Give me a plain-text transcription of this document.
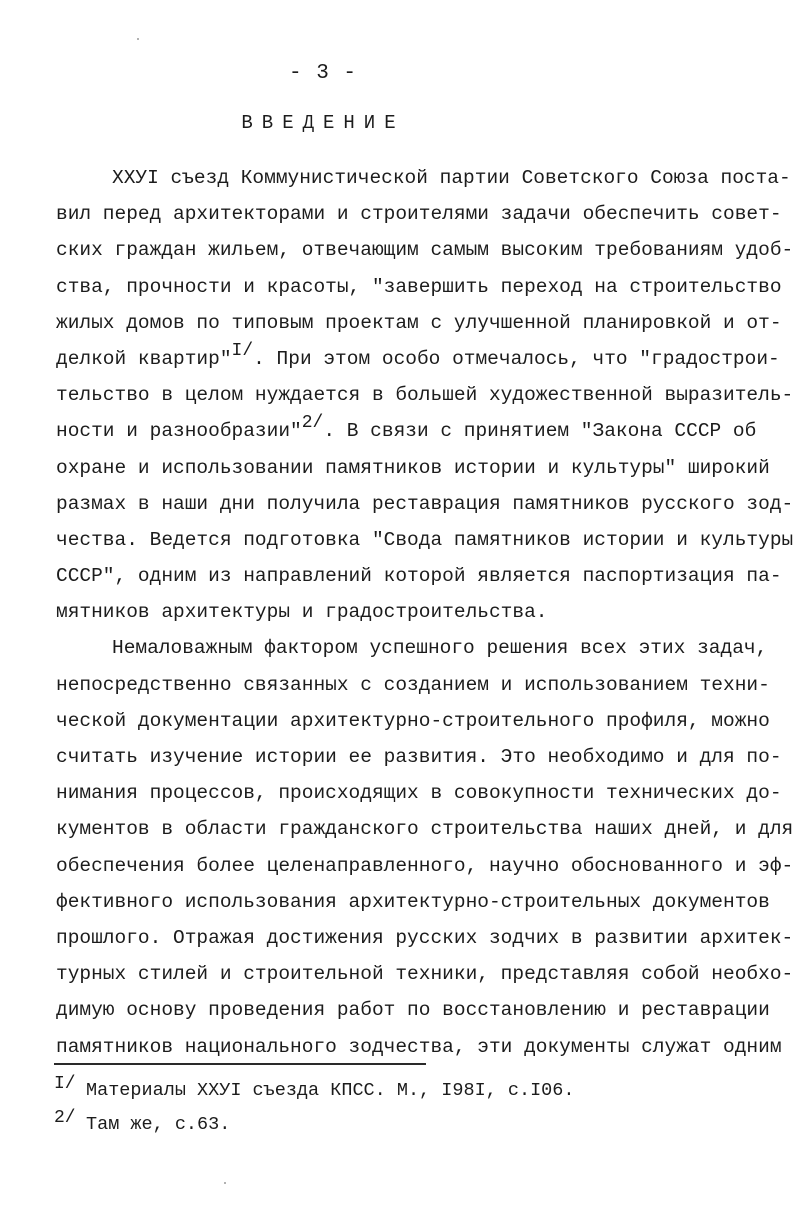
- 3 -
ВВЕДЕНИЕ
ХХУI съезд Коммунистической партии Советского Союза поста-
вил перед архитекторами и строителями задачи обеспечить совет-
ских граждан жильем, отвечающим самым высоким требованиям удоб-
ства, прочности и красоты, "завершить переход на строительство
жилых домов по типовым проектам с улучшенной планировкой и от-
делкой квартир"$^{I/}$. При этом особо отмечалось, что "градострои-
тельство в целом нуждается в большей художественной выразитель-
ности и разнообразии"$^{2/}$. В связи с принятием "Закона СССР об
охране и использовании памятников истории и культуры" широкий
размах в наши дни получила реставрация памятников русского зод-
чества. Ведется подготовка "Свода памятников истории и культуры
СССР", одним из направлений которой является паспортизация па-
мятников архитектуры и градостроительства.
Немаловажным фактором успешного решения всех этих задач,
непосредственно связанных с созданием и использованием техни-
ческой документации архитектурно-строительного профиля, можно
считать изучение истории ее развития. Это необходимо и для по-
нимания процессов, происходящих в совокупности технических до-
кументов в области гражданского строительства наших дней, и для
обеспечения более целенаправленного, научно обоснованного и эф-
фективного использования архитектурно-строительных документов
прошлого. Отражая достижения русских зодчих в развитии архитек-
турных стилей и строительной техники, представляя собой необхо-
димую основу проведения работ по восстановлению и реставрации
памятников национального зодчества, эти документы служат одним
I/ Материалы ХХУI съезда КПСС. М., I98I, с.I06.
2/ Там же, с.63.
